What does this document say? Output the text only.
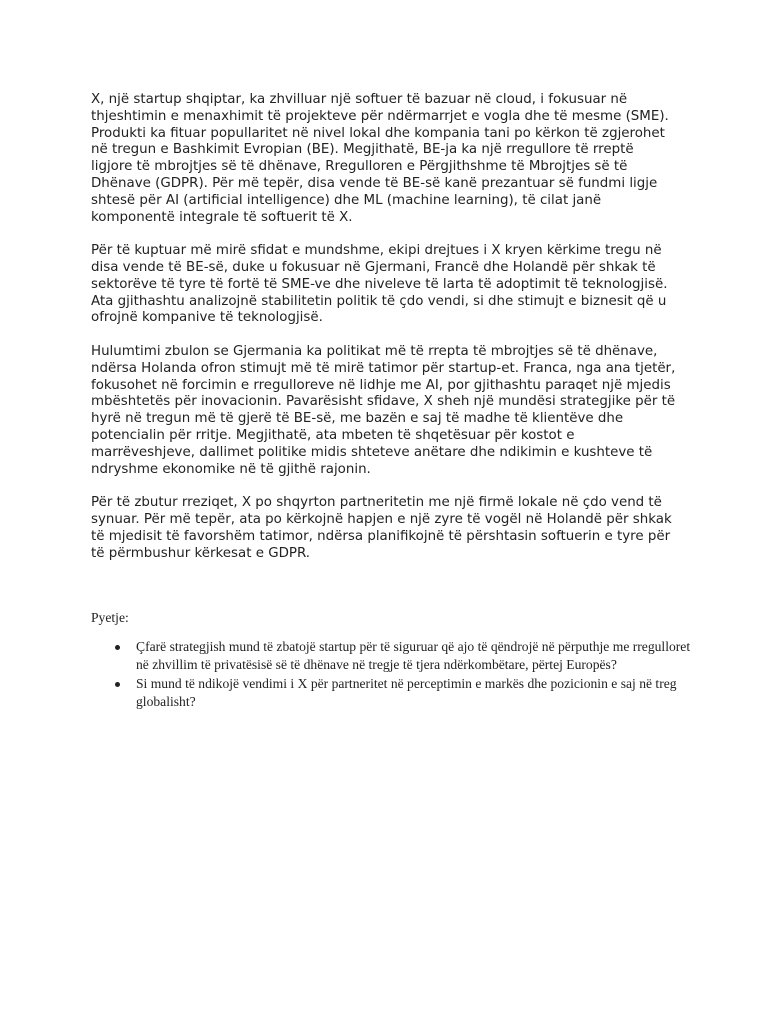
X, një startup shqiptar, ka zhvilluar një softuer të bazuar në cloud, i fokusuar në thjeshtimin e menaxhimit të projekteve për ndërmarrjet e vogla dhe të mesme (SME). Produkti ka fituar popullaritet në nivel lokal dhe kompania tani po kërkon të zgjerohet në tregun e Bashkimit Evropian (BE). Megjithatë, BE-ja ka një rregullore të rreptë ligjore të mbrojtjes së të dhënave, Rregulloren e Përgjithshme të Mbrojtjes së të Dhënave (GDPR). Për më tepër, disa vende të BE-së kanë prezantuar së fundmi ligje shtesë për AI (artificial intelligence) dhe ML (machine learning), të cilat janë komponentë integrale të softuerit të X.

Për të kuptuar më mirë sfidat e mundshme, ekipi drejtues i X kryen kërkime tregu në disa vende të BE-së, duke u fokusuar në Gjermani, Francë dhe Holandë për shkak të sektorëve të tyre të fortë të SME-ve dhe niveleve të larta të adoptimit të teknologjisë. Ata gjithashtu analizojnë stabilitetin politik të çdo vendi, si dhe stimujt e biznesit që u ofrojnë kompanive të teknologjisë.

Hulumtimi zbulon se Gjermania ka politikat më të rrepta të mbrojtjes së të dhënave, ndërsa Holanda ofron stimujt më të mirë tatimor për startup-et. Franca, nga ana tjetër, fokusohet në forcimin e rregulloreve në lidhje me AI, por gjithashtu paraqet një mjedis mbështetës për inovacionin. Pavarësisht sfidave, X sheh një mundësi strategjike për të hyrë në tregun më të gjerë të BE-së, me bazën e saj të madhe të klientëve dhe potencialin për rritje. Megjithatë, ata mbeten të shqetësuar për kostot e marrëveshjeve, dallimet politike midis shteteve anëtare dhe ndikimin e kushteve të ndryshme ekonomike në të gjithë rajonin.

Për të zbutur rreziqet, X po shqyrton partneritetin me një firmë lokale në çdo vend të synuar. Për më tepër, ata po kërkojnë hapjen e një zyre të vogël në Holandë për shkak të mjedisit të favorshëm tatimor, ndërsa planifikojnë të përshtasin softuerin e tyre për të përmbushur kërkesat e GDPR.

Pyetje:
Çfarë strategjish mund të zbatojë startup për të siguruar që ajo të qëndrojë në përputhje me rregulloret në zhvillim të privatësisë së të dhënave në tregje të tjera ndërkombëtare, përtej Europës?
Si mund të ndikojë vendimi i X për partneritet në perceptimin e markës dhe pozicionin e saj në treg globalisht?
